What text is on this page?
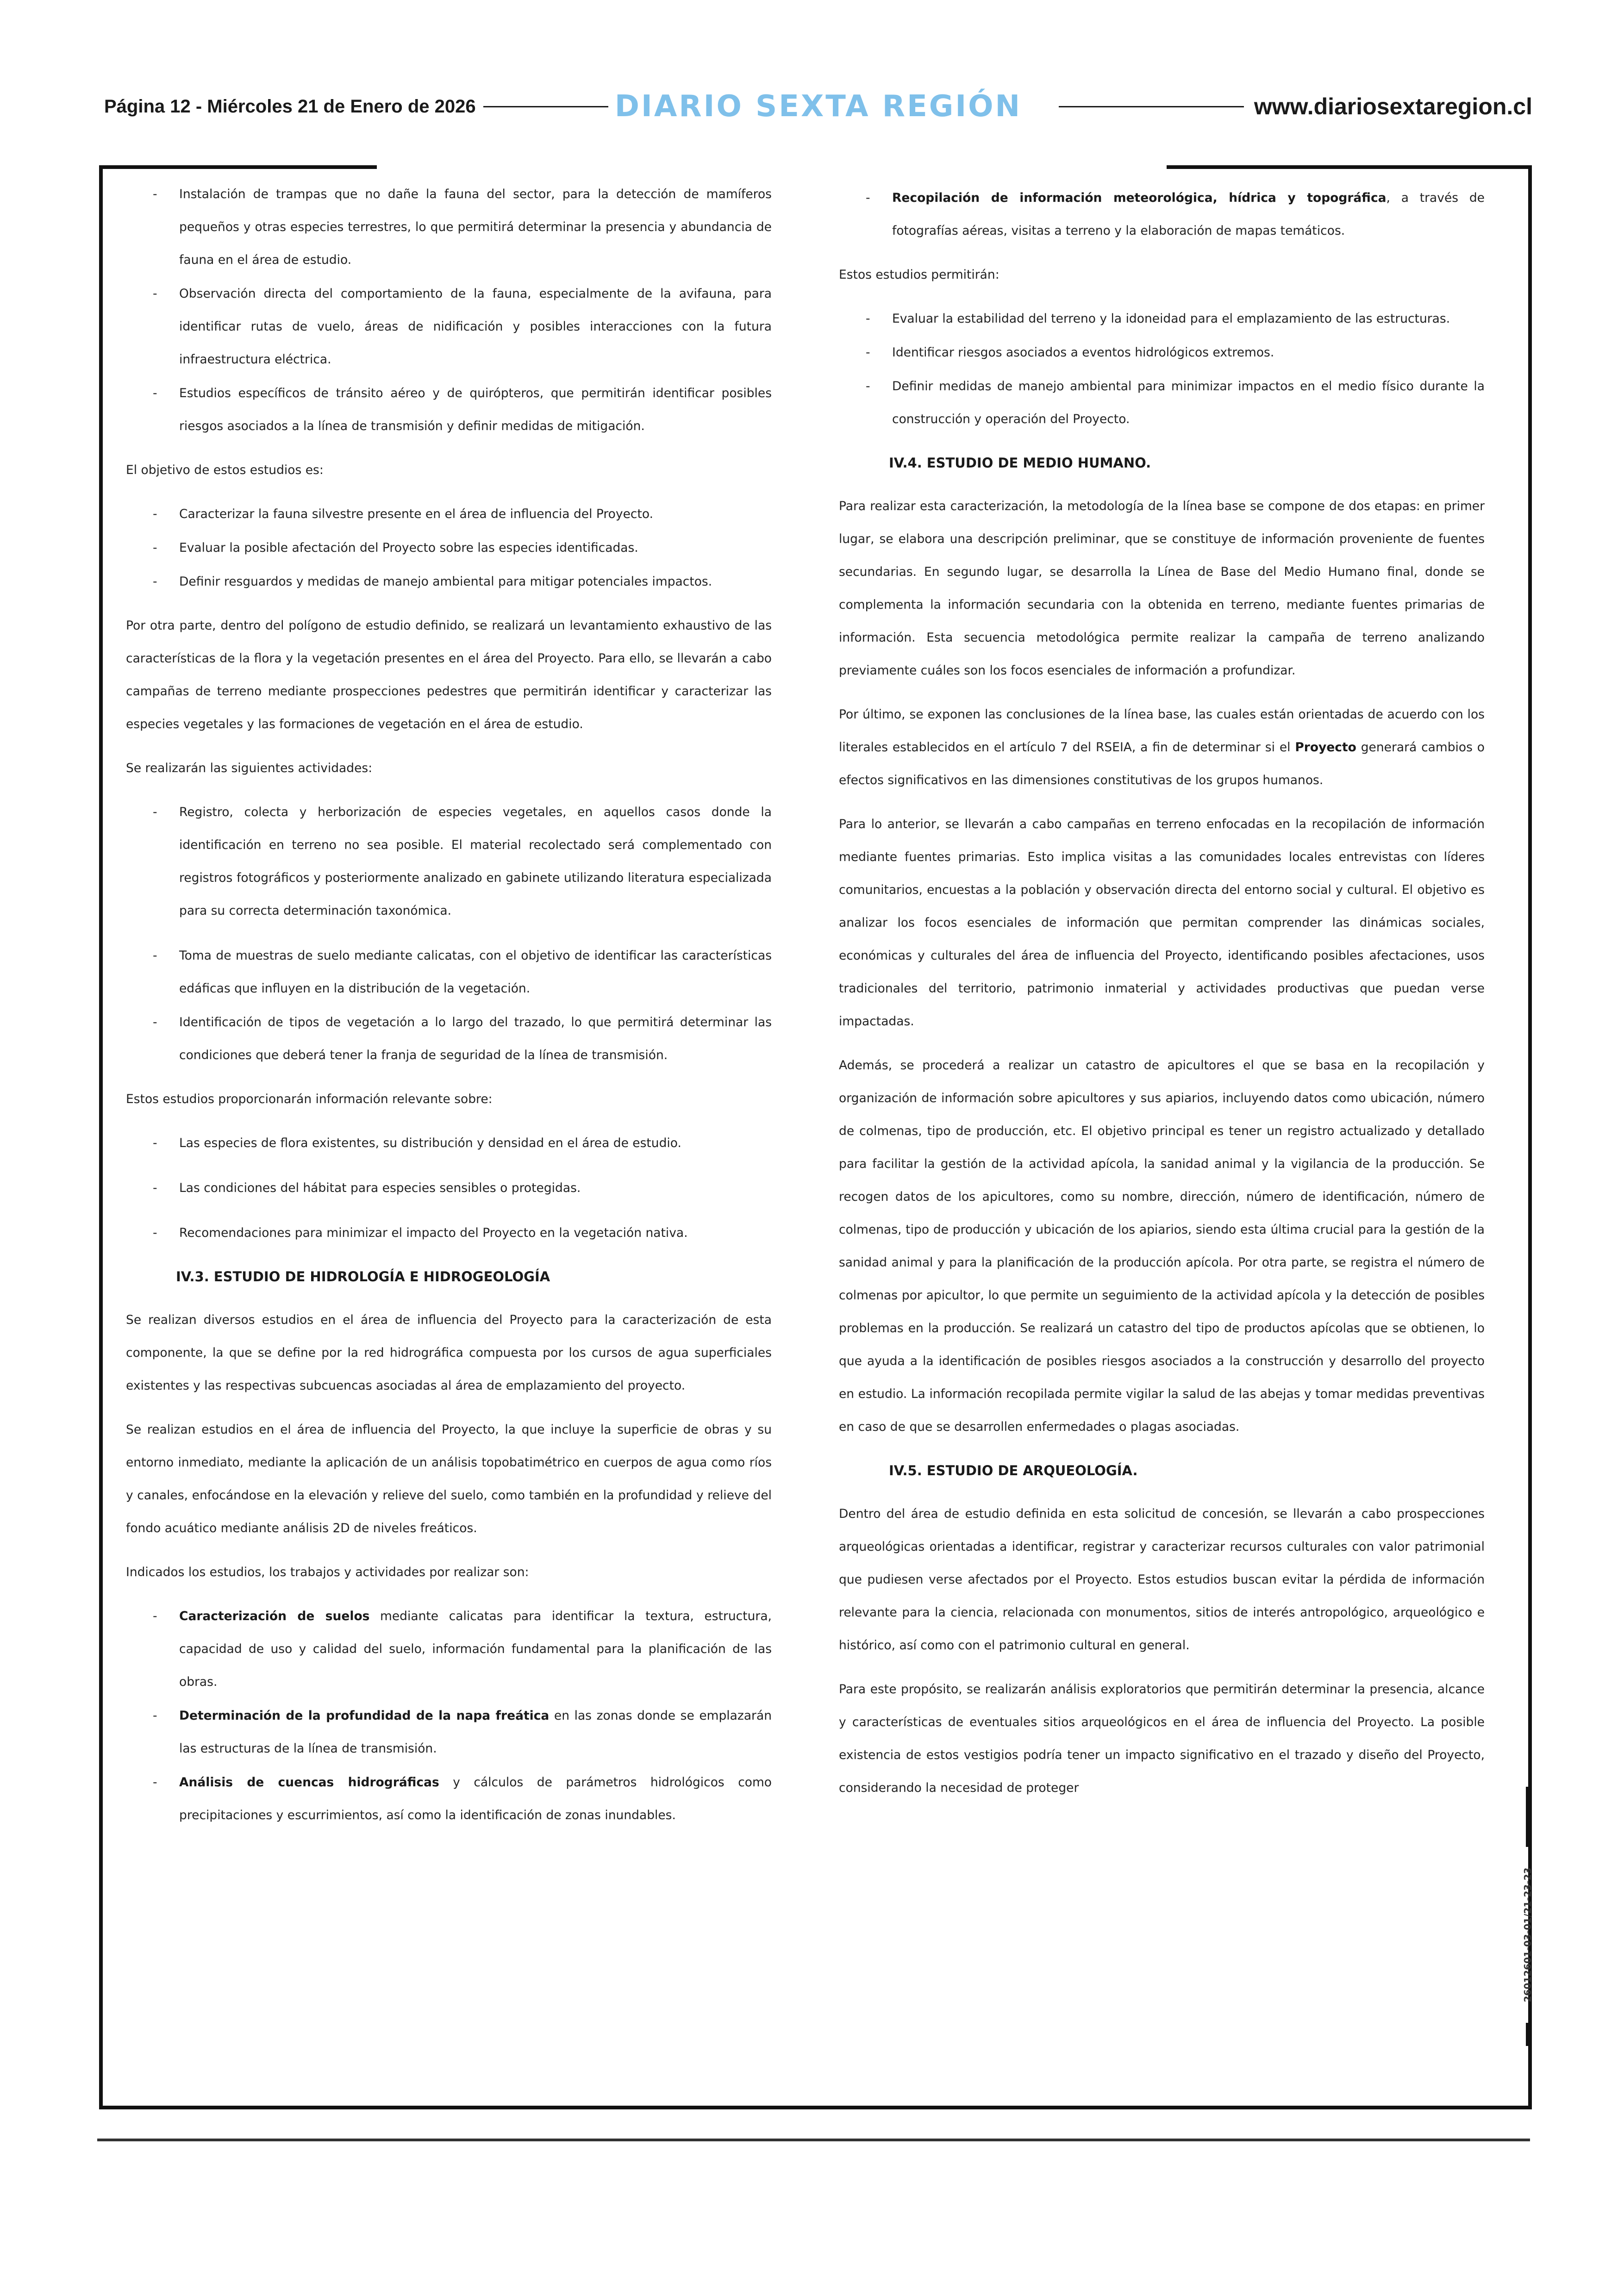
Página 12 - Miércoles 21 de Enero de 2026	DIARIO SEXTA REGIÓN	www.diariosextaregion.cl
- Instalación de trampas que no dañe la fauna del sector, para la detección de mamíferos pequeños y otras especies terrestres, lo que permitirá determinar la presencia y abundancia de fauna en el área de estudio.
- Observación directa del comportamiento de la fauna, especialmente de la avifauna, para identificar rutas de vuelo, áreas de nidificación y posibles interacciones con la futura infraestructura eléctrica.
- Estudios específicos de tránsito aéreo y de quirópteros, que permitirán identificar posibles riesgos asociados a la línea de transmisión y definir medidas de mitigación.

El objetivo de estos estudios es:

- Caracterizar la fauna silvestre presente en el área de influencia del Proyecto.
- Evaluar la posible afectación del Proyecto sobre las especies identificadas.
- Definir resguardos y medidas de manejo ambiental para mitigar potenciales impactos.

Por otra parte, dentro del polígono de estudio definido, se realizará un levantamiento exhaustivo de las características de la flora y la vegetación presentes en el área del Proyecto. Para ello, se llevarán a cabo campañas de terreno mediante prospecciones pedestres que permitirán identificar y caracterizar las especies vegetales y las formaciones de vegetación en el área de estudio.

Se realizarán las siguientes actividades:

- Registro, colecta y herborización de especies vegetales, en aquellos casos donde la identificación en terreno no sea posible. El material recolectado será complementado con registros fotográficos y posteriormente analizado en gabinete utilizando literatura especializada para su correcta determinación taxonómica.
- Toma de muestras de suelo mediante calicatas, con el objetivo de identificar las características edáficas que influyen en la distribución de la vegetación.
- Identificación de tipos de vegetación a lo largo del trazado, lo que permitirá determinar las condiciones que deberá tener la franja de seguridad de la línea de transmisión.

Estos estudios proporcionarán información relevante sobre:

- Las especies de flora existentes, su distribución y densidad en el área de estudio.
- Las condiciones del hábitat para especies sensibles o protegidas.
- Recomendaciones para minimizar el impacto del Proyecto en la vegetación nativa.
IV.3. ESTUDIO DE HIDROLOGÍA E HIDROGEOLOGÍA

Se realizan diversos estudios en el área de influencia del Proyecto para la caracterización de esta componente, la que se define por la red hidrográfica compuesta por los cursos de agua superficiales existentes y las respectivas subcuencas asociadas al área de emplazamiento del proyecto.

Se realizan estudios en el área de influencia del Proyecto, la que incluye la superficie de obras y su entorno inmediato, mediante la aplicación de un análisis topobatimétrico en cuerpos de agua como ríos y canales, enfocándose en la elevación y relieve del suelo, como también en la profundidad y relieve del fondo acuático mediante análisis 2D de niveles freáticos.

Indicados los estudios, los trabajos y actividades por realizar son:

- Caracterización de suelos mediante calicatas para identificar la textura, estructura, capacidad de uso y calidad del suelo, información fundamental para la planificación de las obras.
- Determinación de la profundidad de la napa freática en las zonas donde se emplazarán las estructuras de la línea de transmisión.
- Análisis de cuencas hidrográficas y cálculos de parámetros hidrológicos como precipitaciones y escurrimientos, así como la identificación de zonas inundables.
- Recopilación de información meteorológica, hídrica y topográfica, a través de fotografías aéreas, visitas a terreno y la elaboración de mapas temáticos.

Estos estudios permitirán:

- Evaluar la estabilidad del terreno y la idoneidad para el emplazamiento de las estructuras.
- Identificar riesgos asociados a eventos hidrológicos extremos.
- Definir medidas de manejo ambiental para minimizar impactos en el medio físico durante la construcción y operación del Proyecto.
IV.4. ESTUDIO DE MEDIO HUMANO.

Para realizar esta caracterización, la metodología de la línea base se compone de dos etapas: en primer lugar, se elabora una descripción preliminar, que se constituye de información proveniente de fuentes secundarias. En segundo lugar, se desarrolla la Línea de Base del Medio Humano final, donde se complementa la información secundaria con la obtenida en terreno, mediante fuentes primarias de información. Esta secuencia metodológica permite realizar la campaña de terreno analizando previamente cuáles son los focos esenciales de información a profundizar.

Por último, se exponen las conclusiones de la línea base, las cuales están orientadas de acuerdo con los literales establecidos en el artículo 7 del RSEIA, a fin de determinar si el Proyecto generará cambios o efectos significativos en las dimensiones constitutivas de los grupos humanos.

Para lo anterior, se llevarán a cabo campañas en terreno enfocadas en la recopilación de información mediante fuentes primarias. Esto implica visitas a las comunidades locales entrevistas con líderes comunitarios, encuestas a la población y observación directa del entorno social y cultural. El objetivo es analizar los focos esenciales de información que permitan comprender las dinámicas sociales, económicas y culturales del área de influencia del Proyecto, identificando posibles afectaciones, usos tradicionales del territorio, patrimonio inmaterial y actividades productivas que puedan verse impactadas.

Además, se procederá a realizar un catastro de apicultores el que se basa en la recopilación y organización de información sobre apicultores y sus apiarios, incluyendo datos como ubicación, número de colmenas, tipo de producción, etc. El objetivo principal es tener un registro actualizado y detallado para facilitar la gestión de la actividad apícola, la sanidad animal y la vigilancia de la producción. Se recogen datos de los apicultores, como su nombre, dirección, número de identificación, número de colmenas, tipo de producción y ubicación de los apiarios, siendo esta última crucial para la gestión de la sanidad animal y para la planificación de la producción apícola. Por otra parte, se registra el número de colmenas por apicultor, lo que permite un seguimiento de la actividad apícola y la detección de posibles problemas en la producción. Se realizará un catastro del tipo de productos apícolas que se obtienen, lo que ayuda a la identificación de posibles riesgos asociados a la construcción y desarrollo del proyecto en estudio. La información recopilada permite vigilar la salud de las abejas y tomar medidas preventivas en caso de que se desarrollen enfermedades o plagas asociadas.

IV.5. ESTUDIO DE ARQUEOLOGÍA.

Dentro del área de estudio definida en esta solicitud de concesión, se llevarán a cabo prospecciones arqueológicas orientadas a identificar, registrar y caracterizar recursos culturales con valor patrimonial que pudiesen verse afectados por el Proyecto. Estos estudios buscan evitar la pérdida de información relevante para la ciencia, relacionada con monumentos, sitios de interés antropológico, arqueológico e histórico, así como con el patrimonio cultural en general.

Para este propósito, se realizarán análisis exploratorios que permitirán determinar la presencia, alcance y características de eventuales sitios arqueológicos en el área de influencia del Proyecto. La posible existencia de estos vestigios podría tener un impacto significativo en el trazado y diseño del Proyecto, considerando la necesidad de proteger

26012601-03-01/21-23-23
